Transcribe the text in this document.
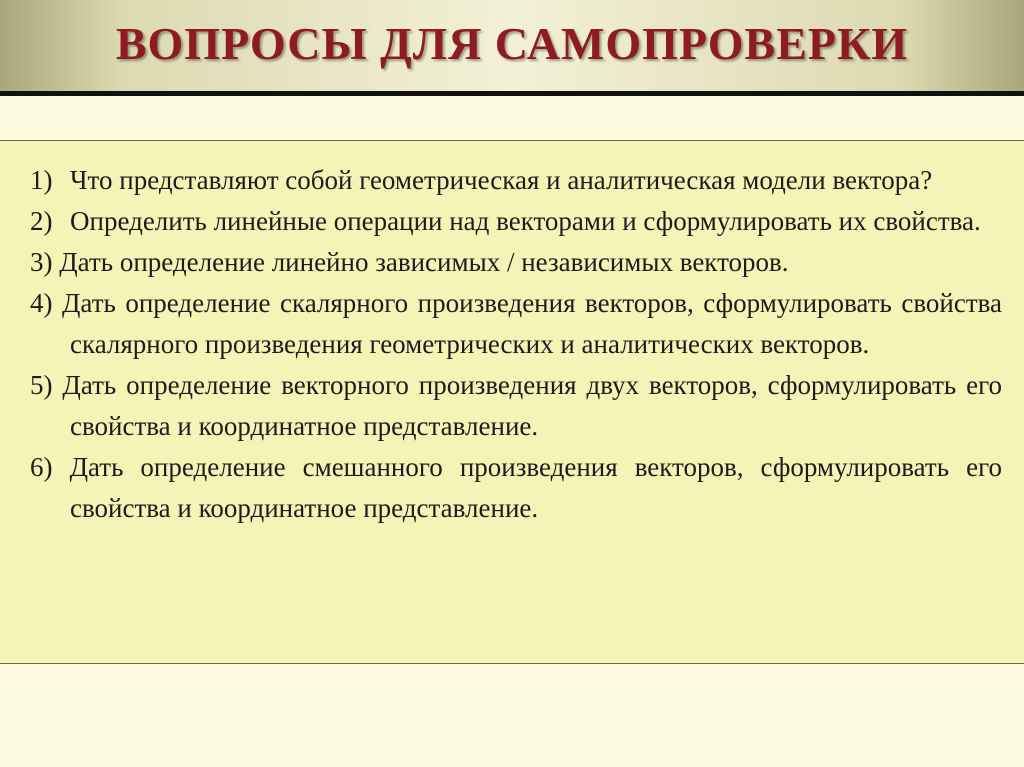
ВОПРОСЫ ДЛЯ САМОПРОВЕРКИ
1) Что представляют собой геометрическая и аналитическая модели вектора?
2) Определить линейные операции над векторами и сформулировать их свойства.
3) Дать определение линейно зависимых / независимых векторов.
4) Дать определение скалярного произведения векторов, сформулировать свойства скалярного произведения геометрических и аналитических векторов.
5) Дать определение векторного произведения двух векторов, сформулировать его свойства и координатное представление.
6) Дать определение смешанного произведения векторов, сформулировать его свойства и координатное представление.
